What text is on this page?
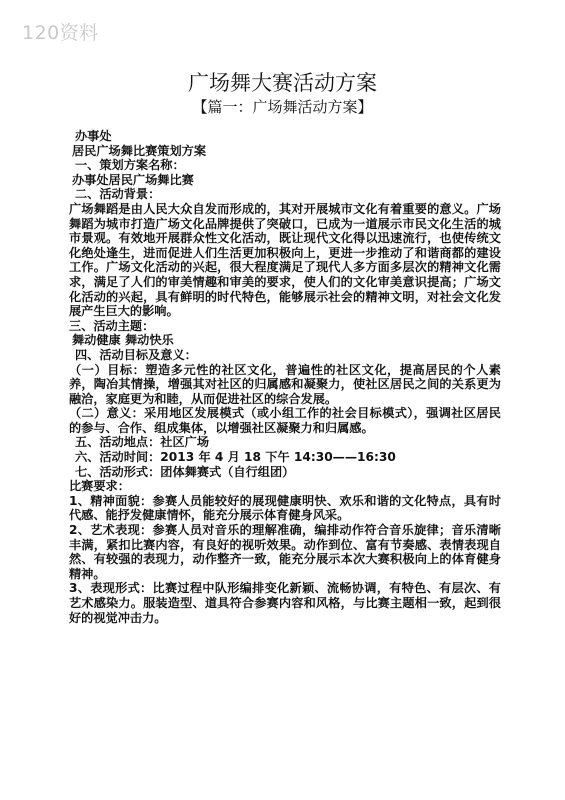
120资料
广场舞大赛活动方案
【篇一：广场舞活动方案】

办事处

居民广场舞比赛策划方案

一、策划方案名称：

办事处居民广场舞比赛

二、活动背景：

广场舞蹈是由人民大众自发而形成的，其对开展城市文化有着重要的意义。广场舞蹈为城市打造广场文化品牌提供了突破口，已成为一道展示市民文化生活的城市景观。有效地开展群众性文化活动，既让现代文化得以迅速流行，也使传统文化绝处逢生，进而促进人们生活更加积极向上，更进一步推动了和谐商都的建设工作。广场文化活动的兴起，很大程度满足了现代人多方面多层次的精神文化需求，满足了人们的审美情趣和审美的要求，使人们的文化审美意识提高；广场文化活动的兴起，具有鲜明的时代特色，能够展示社会的精神文明，对社会文化发展产生巨大的影响。

三、活动主题：

舞动健康 舞动快乐

四、活动目标及意义：

（一）目标：塑造多元性的社区文化，普遍性的社区文化，提高居民的个人素养，陶冶其情操，增强其对社区的归属感和凝聚力，使社区居民之间的关系更为融洽，家庭更为和睦，从而促进社区的综合发展。

（二）意义：采用地区发展模式（或小组工作的社会目标模式），强调社区居民的参与、合作、组成集体，以增强社区凝聚力和归属感。

五、活动地点：社区广场

六、活动时间：2013 年 4 月 18 下午 14:30——16:30

七、活动形式：团体舞赛式（自行组团）

比赛要求：

1、精神面貌：参赛人员能较好的展现健康明快、欢乐和谐的文化特点，具有时代感、能抒发健康情怀，能充分展示体育健身风采。

2、艺术表现：参赛人员对音乐的理解准确，编排动作符合音乐旋律；音乐清晰丰满，紧扣比赛内容，有良好的视听效果。动作到位、富有节奏感、表情表现自然、有较强的表现力，动作整齐一致，能充分展示本次大赛积极向上的体育健身精神。

3、表现形式：比赛过程中队形编排变化新颖、流畅协调，有特色、有层次、有艺术感染力。服装造型、道具符合参赛内容和风格，与比赛主题相一致，起到很好的视觉冲击力。
